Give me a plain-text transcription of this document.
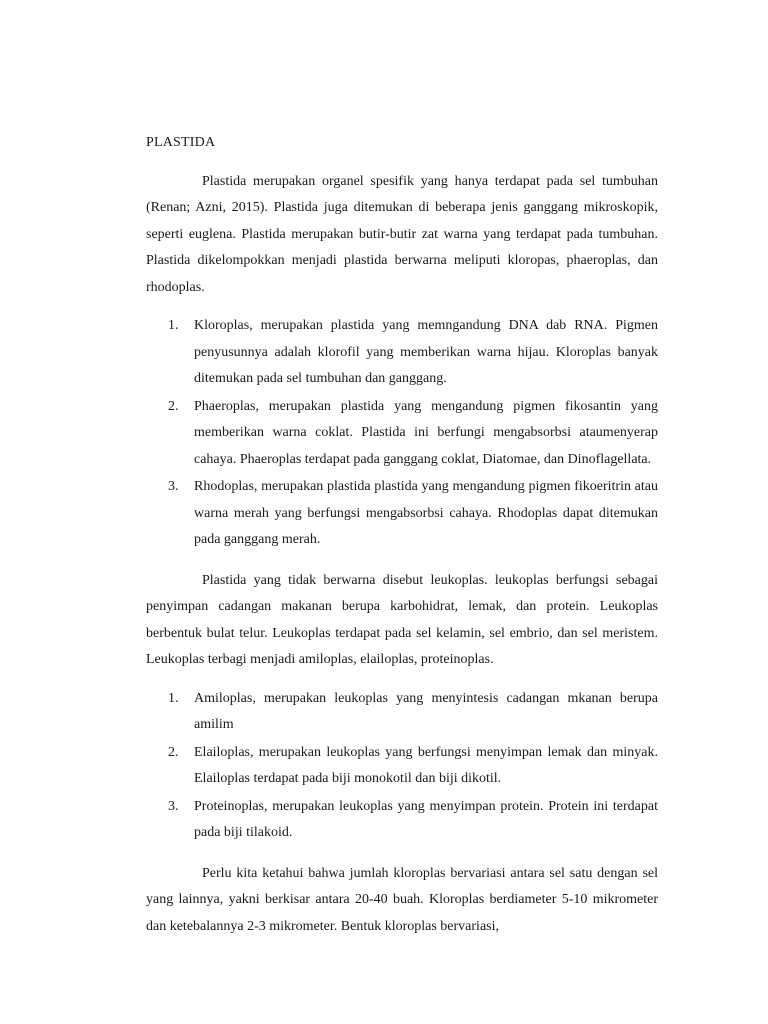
PLASTIDA

Plastida merupakan organel spesifik yang hanya terdapat pada sel tumbuhan (Renan; Azni, 2015). Plastida juga ditemukan di beberapa jenis ganggang mikroskopik, seperti euglena. Plastida merupakan butir-butir zat warna yang terdapat pada tumbuhan. Plastida dikelompokkan menjadi plastida berwarna meliputi kloropas, phaeroplas, dan rhodoplas.

1. Kloroplas, merupakan plastida yang memngandung DNA dab RNA. Pigmen penyusunnya adalah klorofil yang memberikan warna hijau. Kloroplas banyak ditemukan pada sel tumbuhan dan ganggang.
2. Phaeroplas, merupakan plastida yang mengandung pigmen fikosantin yang memberikan warna coklat. Plastida ini berfungi mengabsorbsi ataumenyerap cahaya. Phaeroplas terdapat pada ganggang coklat, Diatomae, dan Dinoflagellata.
3. Rhodoplas, merupakan plastida plastida yang mengandung pigmen fikoeritrin atau warna merah yang berfungsi mengabsorbsi cahaya. Rhodoplas dapat ditemukan pada ganggang merah.

Plastida yang tidak berwarna disebut leukoplas. leukoplas berfungsi sebagai penyimpan cadangan makanan berupa karbohidrat, lemak, dan protein. Leukoplas berbentuk bulat telur. Leukoplas terdapat pada sel kelamin, sel embrio, dan sel meristem. Leukoplas terbagi menjadi amiloplas, elailoplas, proteinoplas.

1. Amiloplas, merupakan leukoplas yang menyintesis cadangan mkanan berupa amilim
2. Elailoplas, merupakan leukoplas yang berfungsi menyimpan lemak dan minyak. Elailoplas terdapat pada biji monokotil dan biji dikotil.
3. Proteinoplas, merupakan leukoplas yang menyimpan protein. Protein ini terdapat pada biji tilakoid.

Perlu kita ketahui bahwa jumlah kloroplas bervariasi antara sel satu dengan sel yang lainnya, yakni berkisar antara 20-40 buah. Kloroplas berdiameter 5-10 mikrometer dan ketebalannya 2-3 mikrometer. Bentuk kloroplas bervariasi,
